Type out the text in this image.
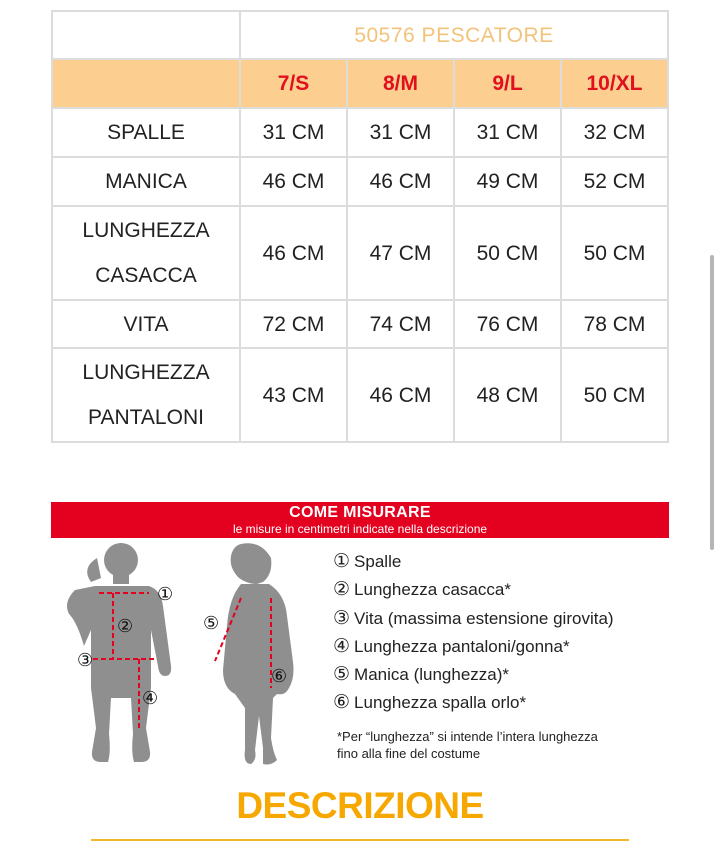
	50576 PESCATORE			
	7/S	8/M	9/L	10/XL
SPALLE	31 CM	31 CM	31 CM	32 CM
MANICA	46 CM	46 CM	49 CM	52 CM
LUNGHEZZA
CASACCA	46 CM	47 CM	50 CM	50 CM
VITA	72 CM	74 CM	76 CM	78 CM
LUNGHEZZA
PANTALONI	43 CM	46 CM	48 CM	50 CM
COME MISURARE
le misure in centimetri indicate nella descrizione
①
②
③
④
⑤
⑥
① Spalle
② Lunghezza casacca*
③ Vita (massima estensione girovita)
④ Lunghezza pantaloni/gonna*
⑤ Manica (lunghezza)*
⑥ Lunghezza spalla orlo*
*Per “lunghezza” si intende l’intera lunghezza
fino alla fine del costume
DESCRIZIONE
